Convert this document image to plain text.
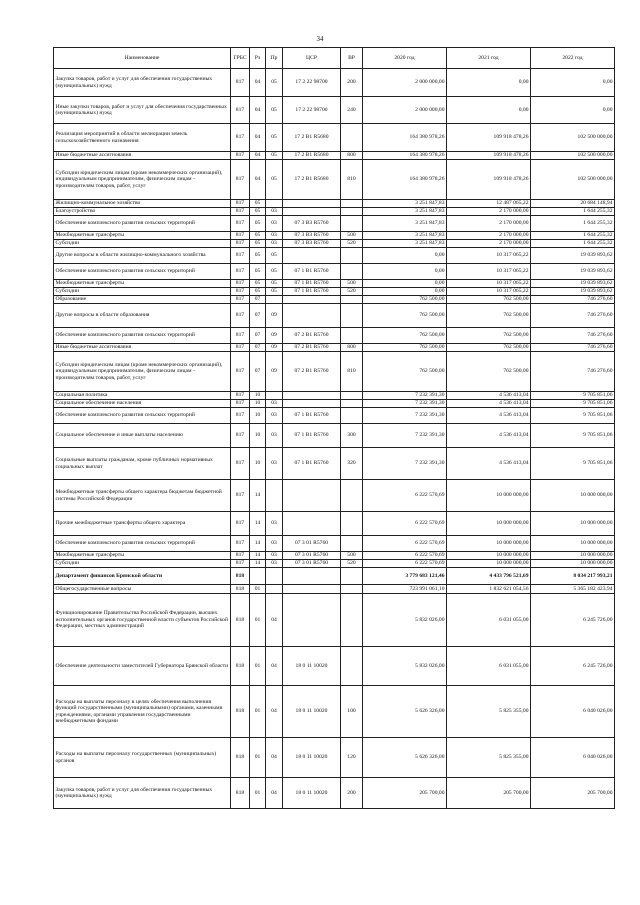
34
Наименование	ГРБС	Рз	Пр	ЦСР	ВР	2020 год	2021 год	2022 год
Закупка товаров, работ и услуг для обеспечения государственных (муниципальных) нужд	817	04	05	17 2 22 98700	200	2 000 000,00	0,00	0,00
Иные закупки товаров, работ и услуг для обеспечения государственных (муниципальных) нужд	817	04	05	17 2 22 98700	240	2 000 000,00	0,00	0,00
Реализация мероприятий в области мелиорации земель сельскохозяйственного назначения	817	04	05	17 2 В1 R5680		164 380 978,26	109 918 478,26	102 500 000,00
Иные бюджетные ассигнования	817	04	05	17 2 В1 R5680	800	164 380 978,26	109 918 478,26	102 500 000,00
Субсидии юридическим лицам (кроме некоммерческих организаций), индивидуальным предпринимателям, физическим лицам - производителям товаров, работ, услуг	817	04	05	17 2 В1 R5680	810	164 380 978,26	109 918 478,26	102 500 000,00
Жилищно-коммунальное хозяйство	817	05				3 251 847,83	12 487 065,22	20 684 148,94
Благоустройство	817	05	03			3 251 847,83	2 170 000,00	1 644 255,32
Обеспечение комплексного развития сельских территорий	817	05	03	07 3 В3 R5760		3 251 847,83	2 170 000,00	1 644 255,32
Межбюджетные трансферты	817	05	03	07 3 В3 R5760	500	3 251 847,83	2 170 000,00	1 644 255,32
Субсидии	817	05	03	07 3 В3 R5760	520	3 251 847,83	2 170 000,00	1 644 255,32
Другие вопросы в области жилищно-коммунального хозяйства	817	05	05			0,00	10 317 065,22	19 039 893,62
Обеспечение комплексного развития сельских территорий	817	05	05	07 1 В1 R5760		0,00	10 317 065,22	19 039 893,62
Межбюджетные трансферты	817	05	05	07 1 В1 R5760	500	0,00	10 317 065,22	19 039 893,62
Субсидии	817	05	05	07 1 В1 R5760	520	0,00	10 317 065,22	19 039 893,62
Образование	817	07				762 500,00	762 500,00	746 276,60
Другие вопросы в области образования	817	07	09			762 500,00	762 500,00	746 276,60
Обеспечение комплексного развития сельских территорий	817	07	09	07 2 В1 R5760		762 500,00	762 500,00	746 276,60
Иные бюджетные ассигнования	817	07	09	07 2 В1 R5760	800	762 500,00	762 500,00	746 276,60
Субсидии юридическим лицам (кроме некоммерческих организаций), индивидуальным предпринимателям, физическим лицам - производителям товаров, работ, услуг	817	07	09	07 2 В1 R5760	810	762 500,00	762 500,00	746 276,60
Социальная политика	817	10				7 232 391,30	4 536 413,04	9 705 851,06
Социальное обеспечение населения	817	10	03			7 232 391,30	4 536 413,04	9 705 851,06
Обеспечение комплексного развития сельских территорий	817	10	03	07 1 В1 R5760		7 232 391,30	4 536 413,04	9 705 851,06
Социальное обеспечение и иные выплаты населению	817	10	03	07 1 В1 R5760	300	7 232 391,30	4 536 413,04	9 705 851,06
Социальные выплаты гражданам, кроме публичных нормативных социальных выплат	817	10	03	07 1 В1 R5760	320	7 232 391,30	4 536 413,04	9 705 851,06
Межбюджетные трансферты общего характера бюджетам бюджетной системы Российской Федерации	817	14				6 222 570,69	10 000 000,00	10 000 000,00
Прочие межбюджетные трансферты общего характера	817	14	03			6 222 570,69	10 000 000,00	10 000 000,00
Обеспечение комплексного развития сельских территорий	817	14	03	07 3 01 R5760		6 222 570,69	10 000 000,00	10 000 000,00
Межбюджетные трансферты	817	14	03	07 3 01 R5760	500	6 222 570,69	10 000 000,00	10 000 000,00
Субсидии	817	14	03	07 3 01 R5760	520	6 222 570,69	10 000 000,00	10 000 000,00
Департамент финансов Брянской области	818					3 779 683 121,46	4 433 796 521,69	8 034 217 993,21
Общегосударственные вопросы	818	01				723 991 061,10	1 832 621 054,56	5 365 182 423,94
Функционирование Правительства Российской Федерации, высших исполнительных органов государственной власти субъектов Российской Федерации, местных администраций	818	01	04			5 832 026,00	6 031 055,00	6 245 726,00
Обеспечение деятельности заместителей Губернатора Брянской области	818	01	04	18 0 11 10020		5 832 026,00	6 031 055,00	6 245 726,00
Расходы на выплаты персоналу в целях обеспечения выполнения функций государственными (муниципальными) органами, казенными учреждениями, органами управления государственными внебюджетными фондами	818	01	04	18 0 11 10020	100	5 626 326,00	5 825 355,00	6 040 026,00
Расходы на выплаты персоналу государственных (муниципальных) органов	818	01	04	18 0 11 10020	120	5 626 326,00	5 825 355,00	6 040 026,00
Закупка товаров, работ и услуг для обеспечения государственных (муниципальных) нужд	818	01	04	18 0 11 10020	200	205 700,00	205 700,00	205 700,00
